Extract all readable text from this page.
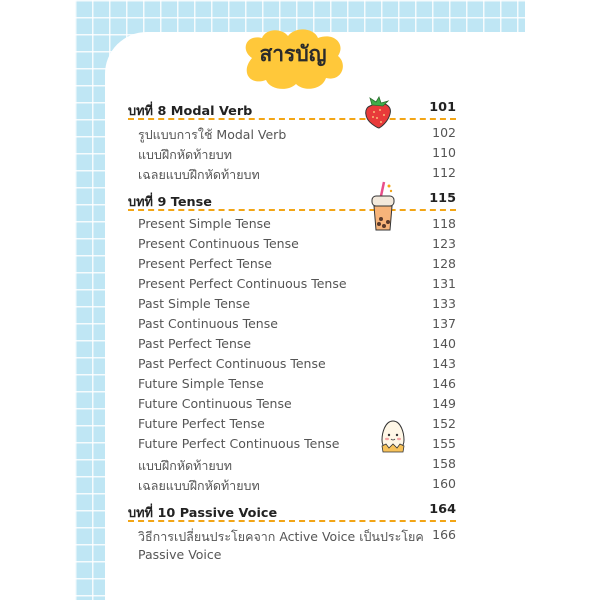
สารบัญ
บทที่ 8 Modal Verb	101
รูปแบบการใช้ Modal Verb	102
แบบฝึกหัดท้ายบท	110
เฉลยแบบฝึกหัดท้ายบท	112
บทที่ 9 Tense	115
Present Simple Tense	118
Present Continuous Tense	123
Present Perfect Tense	128
Present Perfect Continuous Tense	131
Past Simple Tense	133
Past Continuous Tense	137
Past Perfect Tense	140
Past Perfect Continuous Tense	143
Future Simple Tense	146
Future Continuous Tense	149
Future Perfect Tense	152
Future Perfect Continuous Tense	155
แบบฝึกหัดท้ายบท	158
เฉลยแบบฝึกหัดท้ายบท	160
บทที่ 10 Passive Voice	164
วิธีการเปลี่ยนประโยคจาก Active Voice เป็นประโยค 166
Passive Voice
